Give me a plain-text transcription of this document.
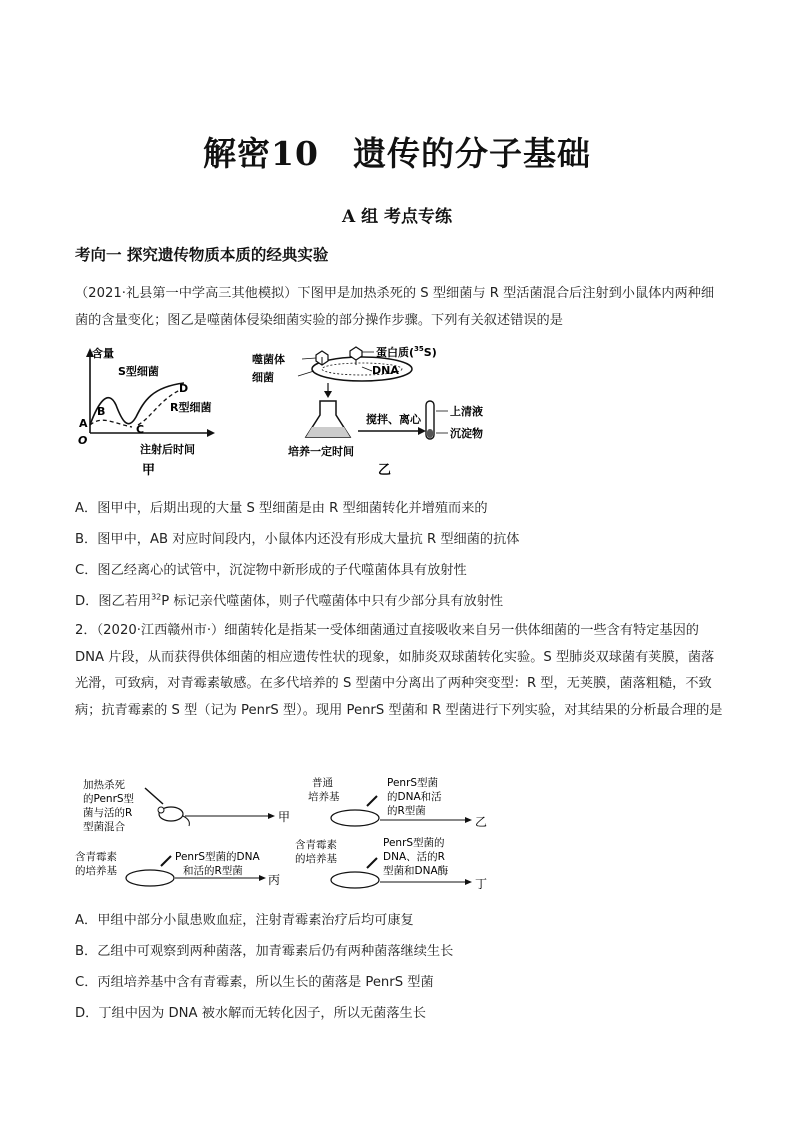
解密10　遗传的分子基础
A 组 考点专练
考向一 探究遗传物质本质的经典实验
（2021·礼县第一中学高三其他模拟）下图甲是加热杀死的 S 型细菌与 R 型活菌混合后注射到小鼠体内两种细菌的含量变化；图乙是噬菌体侵染细菌实验的部分操作步骤。下列有关叙述错误的是
含量
S型细菌
R型细菌
注射后时间
A
B
C
D
O
甲
噬菌体
细菌
蛋白质($^{35}$S)
DNA
上清液
沉淀物
搅拌、离心
培养一定时间
乙
A．图甲中，后期出现的大量 S 型细菌是由 R 型细菌转化并增殖而来的
B．图甲中，AB 对应时间段内，小鼠体内还没有形成大量抗 R 型细菌的抗体
C．图乙经离心的试管中，沉淀物中新形成的子代噬菌体具有放射性
D．图乙若用$^{32}$P 标记亲代噬菌体，则子代噬菌体中只有少部分具有放射性
2．（2020·江西赣州市·）细菌转化是指某一受体细菌通过直接吸收来自另一供体细菌的一些含有特定基因的 DNA 片段，从而获得供体细菌的相应遗传性状的现象，如肺炎双球菌转化实验。S 型肺炎双球菌有荚膜，菌落光滑，可致病，对青霉素敏感。在多代培养的 S 型菌中分离出了两种突变型：R 型，无荚膜，菌落粗糙，不致病；抗青霉素的 S 型（记为 PenrS 型）。现用 PenrS 型菌和 R 型菌进行下列实验，对其结果的分析最合理的是
加热杀死
的PenrS型
菌与活的R
型菌混合
甲
含青霉素
的培养基
PenrS型菌的DNA
和活的R型菌
丙
普通
培养基
PenrS型菌
的DNA和活
的R型菌
乙
含青霉素
的培养基
PenrS型菌的
DNA、活的R
型菌和DNA酶
丁
A．甲组中部分小鼠患败血症，注射青霉素治疗后均可康复
B．乙组中可观察到两种菌落，加青霉素后仍有两种菌落继续生长
C．丙组培养基中含有青霉素，所以生长的菌落是 PenrS 型菌
D．丁组中因为 DNA 被水解而无转化因子，所以无菌落生长
